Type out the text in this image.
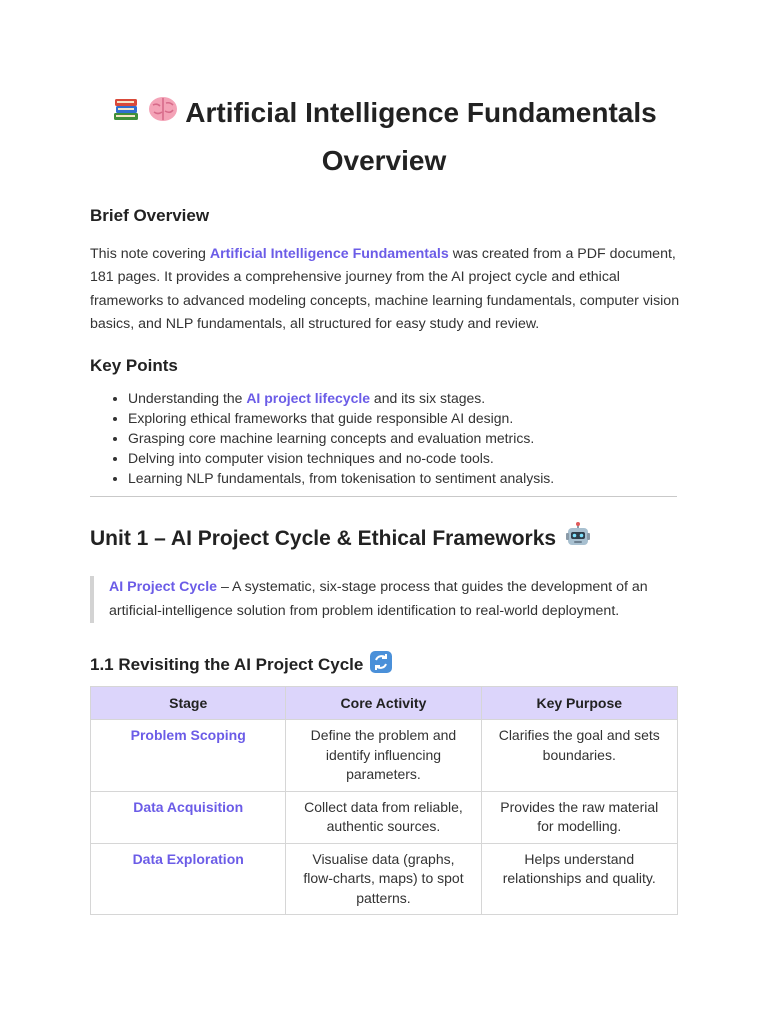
Artificial Intelligence Fundamentals
Overview
Brief Overview
This note covering Artificial Intelligence Fundamentals was created from a PDF document, 181 pages. It provides a comprehensive journey from the AI project cycle and ethical frameworks to advanced modeling concepts, machine learning fundamentals, computer vision basics, and NLP fundamentals, all structured for easy study and review.
Key Points
• Understanding the AI project lifecycle and its six stages.
• Exploring ethical frameworks that guide responsible AI design.
• Grasping core machine learning concepts and evaluation metrics.
• Delving into computer vision techniques and no-code tools.
• Learning NLP fundamentals, from tokenisation to sentiment analysis.
Unit 1 – AI Project Cycle & Ethical Frameworks
AI Project Cycle – A systematic, six-stage process that guides the development of an artificial-intelligence solution from problem identification to real-world deployment.
1.1 Revisiting the AI Project Cycle
Stage	Core Activity	Key Purpose
Problem Scoping	Define the problem and identify influencing parameters.	Clarifies the goal and sets boundaries.
Data Acquisition	Collect data from reliable, authentic sources.	Provides the raw material for modelling.
Data Exploration	Visualise data (graphs, flow-charts, maps) to spot patterns.	Helps understand relationships and quality.
